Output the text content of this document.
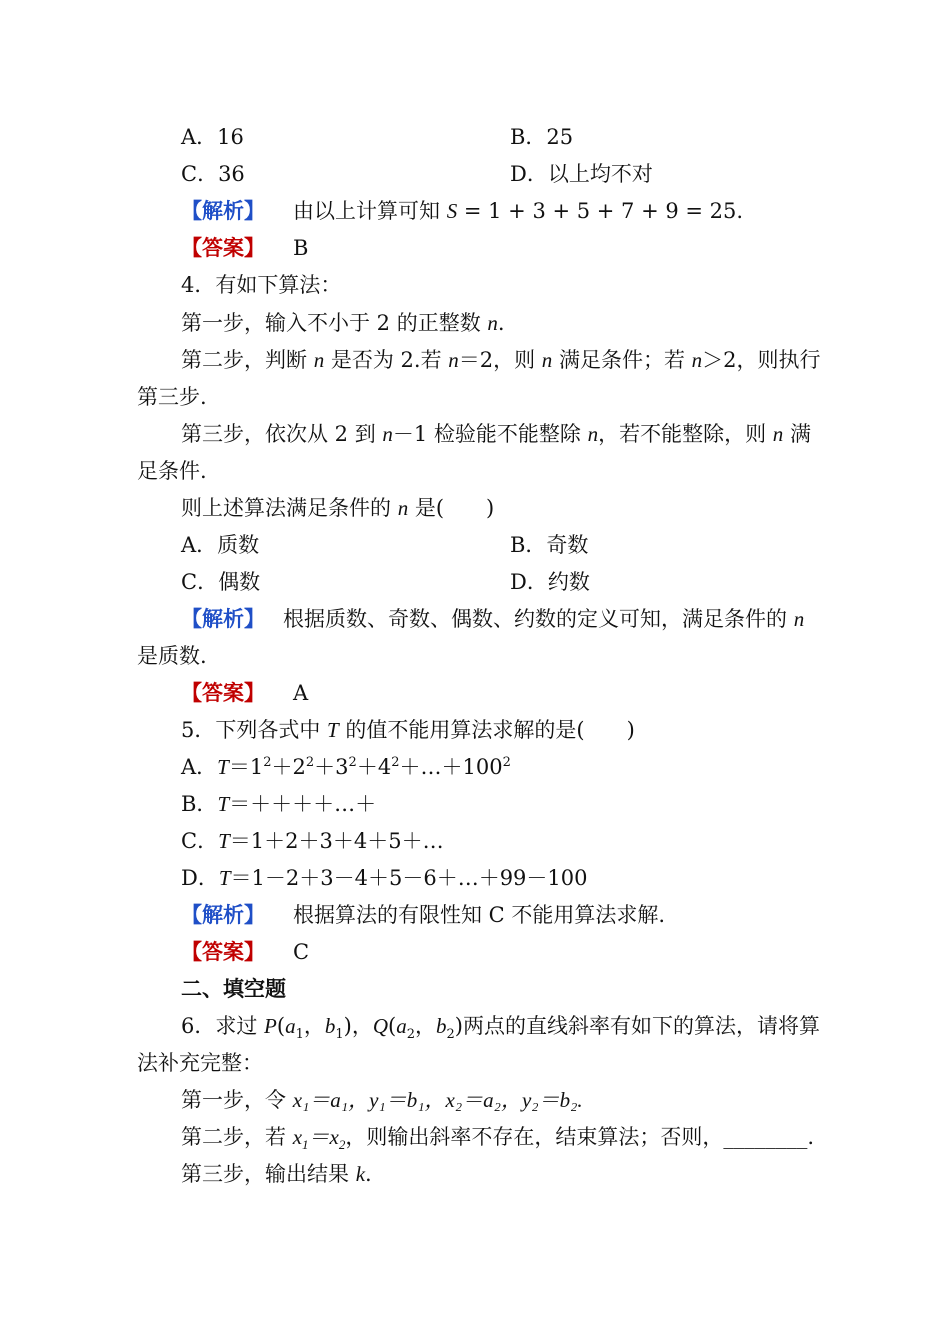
A．16	B．25
C．36	D．以上均不对
【解析】 由以上计算可知 S = 1 + 3 + 5 + 7 + 9 = 25.
【答案】 B
4．有如下算法：
第一步，输入不小于 2 的正整数 n.
第二步，判断 n 是否为 2.若 n＝2，则 n 满足条件；若 n＞2，则执行
第三步.
第三步，依次从 2 到 n－1 检验能不能整除 n，若不能整除，则 n 满
足条件.
则上述算法满足条件的 n 是(　　)
A．质数	B．奇数
C．偶数	D．约数
【解析】 根据质数、奇数、偶数、约数的定义可知，满足条件的 n
是质数.
【答案】 A
5．下列各式中 T 的值不能用算法求解的是(　　)
A．$T=1^2+2^2+3^2+4^2+\dots+100^2$
B．T＝＋＋＋＋…＋
C．T＝1＋2＋3＋4＋5＋…
D．T＝1－2＋3－4＋5－6＋…＋99－100
【解析】 根据算法的有限性知 C 不能用算法求解.
【答案】 C
二、填空题
6．求过 $P(a_1$，$b_1$)，$Q(a_2$，$b_2$)两点的直线斜率有如下的算法，请将算
法补充完整：
第一步，令 x₁＝a₁，y₁＝b₁，x₂＝a₂，y₂＝b₂.
第二步，若 $x_1=x_2$，则输出斜率不存在，结束算法；否则，________.
第三步，输出结果 k.
